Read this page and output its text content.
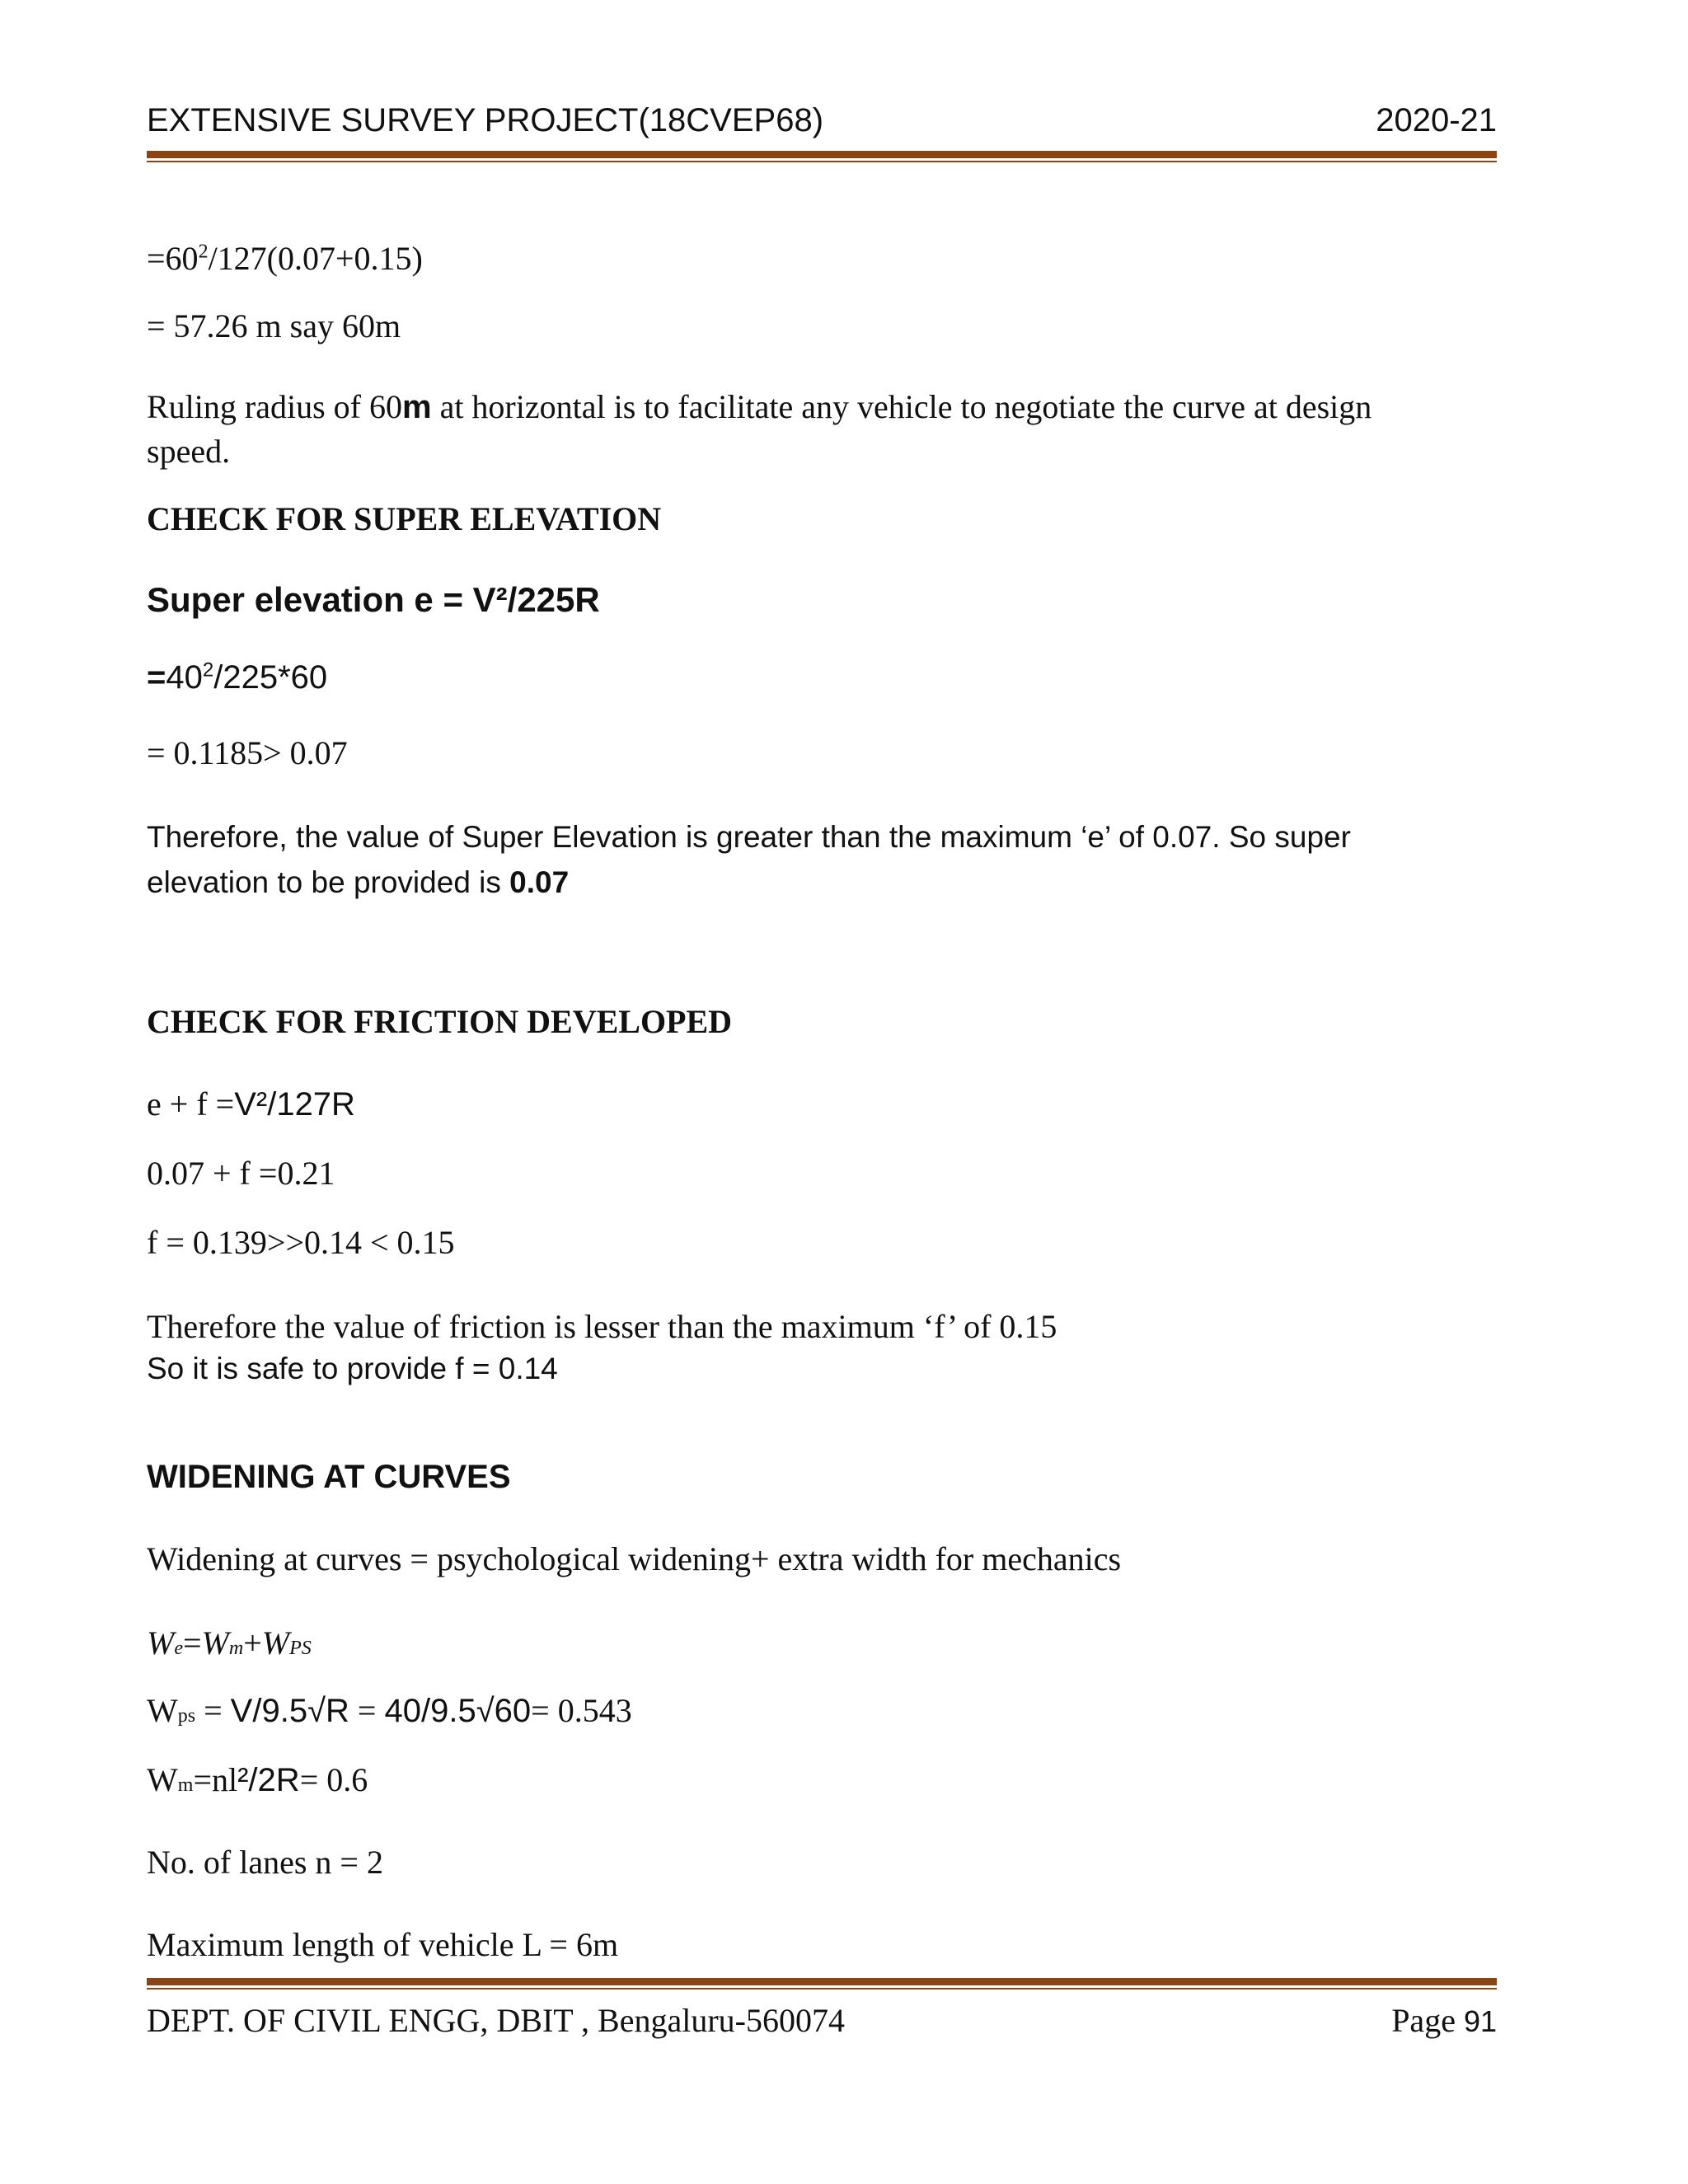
EXTENSIVE SURVEY PROJECT(18CVEP68)	2020-21
$=60^2/127(0.07+0.15)$
= 57.26 m say 60m
Ruling radius of 60m at horizontal is to facilitate any vehicle to negotiate the curve at design
speed.
CHECK FOR SUPER ELEVATION
Super elevation e = V²/225R
$=40^2/225*60$
= 0.1185> 0.07
Therefore, the value of Super Elevation is greater than the maximum ‘e’ of 0.07. So super
elevation to be provided is 0.07
CHECK FOR FRICTION DEVELOPED
e + f =V²/127R
0.07 + f =0.21
f = 0.139>>0.14 < 0.15
Therefore the value of friction is lesser than the maximum ‘f’ of 0.15
So it is safe to provide f = 0.14
WIDENING AT CURVES
Widening at curves = psychological widening+ extra width for mechanics
We=Wm+WPS
Wps = V/9.5√R = 40/9.5√60= 0.543
Wm=nl²/2R= 0.6
No. of lanes n = 2
Maximum length of vehicle L = 6m
DEPT. OF CIVIL ENGG, DBIT , Bengaluru-560074	Page 91
